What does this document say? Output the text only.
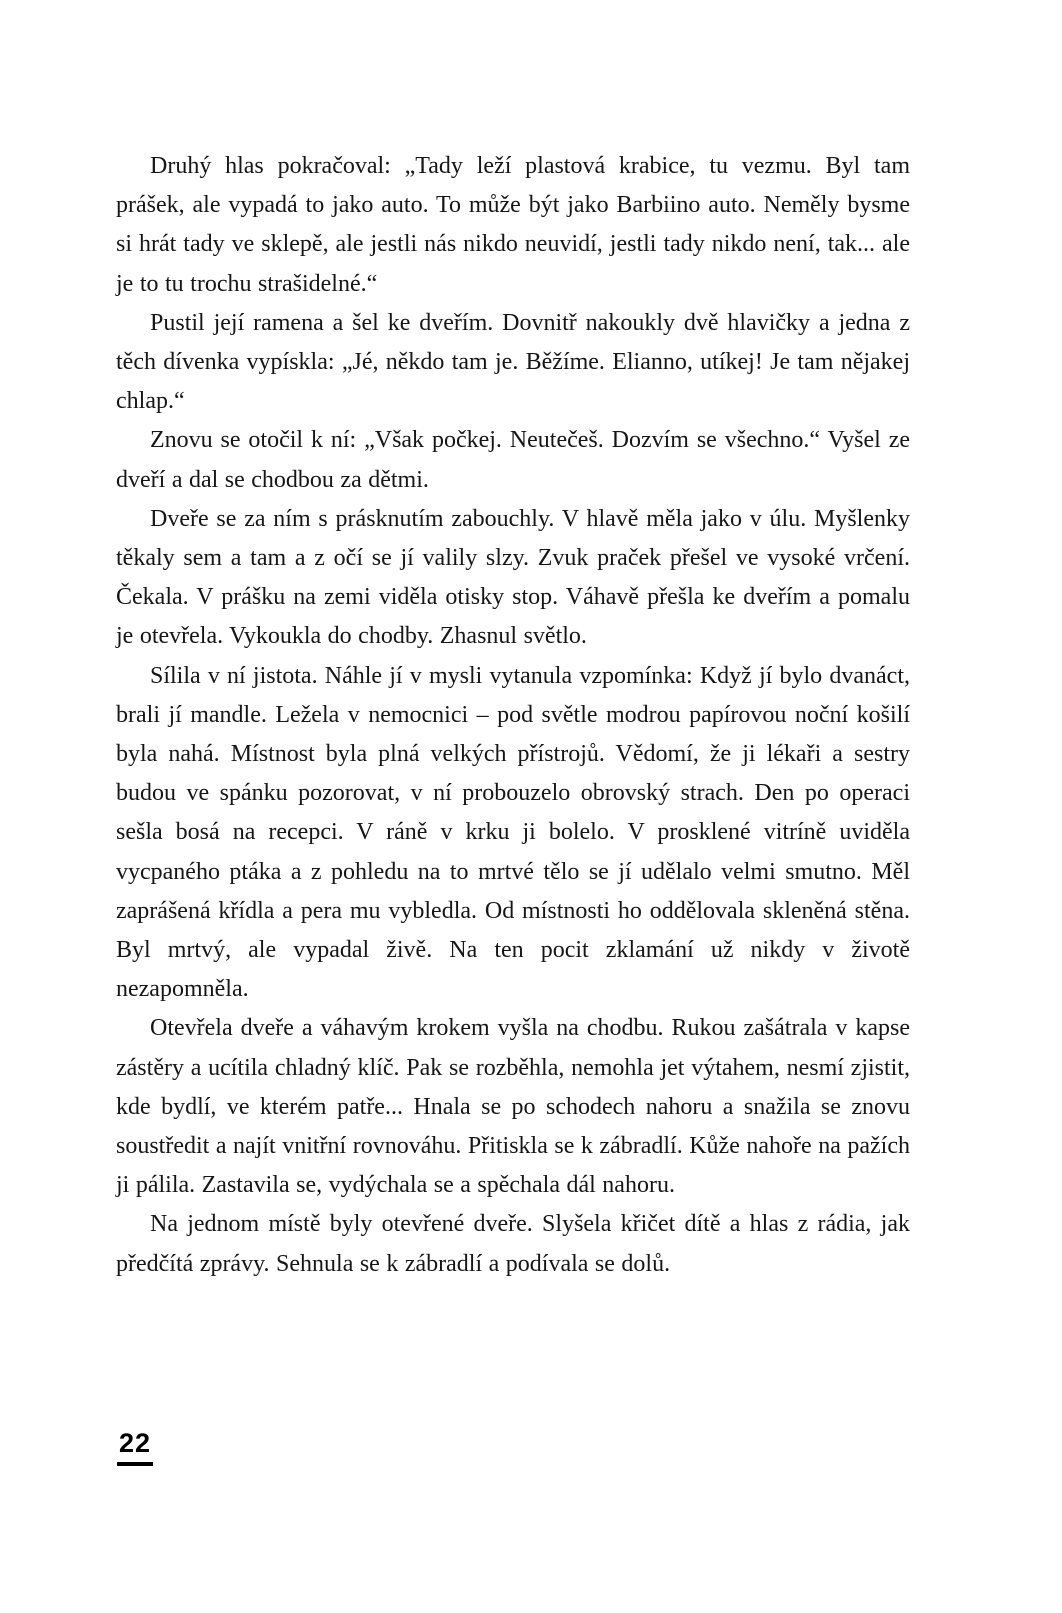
Druhý hlas pokračoval: „Tady leží plastová krabice, tu vezmu. Byl tam prášek, ale vypadá to jako auto. To může být jako Barbiino auto. Neměly bysme si hrát tady ve sklepě, ale jestli nás nikdo neuvidí, jestli tady nikdo není, tak... ale je to tu trochu strašidelné.“

Pustil její ramena a šel ke dveřím. Dovnitř nakoukly dvě hlavičky a jedna z těch dívenka vypískla: „Jé, někdo tam je. Běžíme. Elianno, utíkej! Je tam nějakej chlap.“

Znovu se otočil k ní: „Však počkej. Neutečeš. Dozvím se všechno.“ Vyšel ze dveří a dal se chodbou za dětmi.

Dveře se za ním s prásknutím zabouchly. V hlavě měla jako v úlu. Myšlenky těkaly sem a tam a z očí se jí valily slzy. Zvuk praček přešel ve vysoké vrčení. Čekala. V prášku na zemi viděla otisky stop. Váhavě přešla ke dveřím a pomalu je otevřela. Vykoukla do chodby. Zhasnul světlo.

Sílila v ní jistota. Náhle jí v mysli vytanula vzpomínka: Když jí bylo dvanáct, brali jí mandle. Ležela v nemocnici – pod světle modrou papírovou noční košilí byla nahá. Místnost byla plná velkých přístrojů. Vědomí, že ji lékaři a sestry budou ve spánku pozorovat, v ní probouzelo obrovský strach. Den po operaci sešla bosá na recepci. V ráně v krku ji bolelo. V prosklené vitríně uviděla vycpaného ptáka a z pohledu na to mrtvé tělo se jí udělalo velmi smutno. Měl zaprášená křídla a pera mu vybledla. Od místnosti ho oddělovala skleněná stěna. Byl mrtvý, ale vypadal živě. Na ten pocit zklamání už nikdy v životě nezapomněla.

Otevřela dveře a váhavým krokem vyšla na chodbu. Rukou zašátrala v kapse zástěry a ucítila chladný klíč. Pak se rozběhla, nemohla jet výtahem, nesmí zjistit, kde bydlí, ve kterém patře... Hnala se po schodech nahoru a snažila se znovu soustředit a najít vnitřní rovnováhu. Přitiskla se k zábradlí. Kůže nahoře na pažích ji pálila. Zastavila se, vydýchala se a spěchala dál nahoru.

Na jednom místě byly otevřené dveře. Slyšela křičet dítě a hlas z rádia, jak předčítá zprávy. Sehnula se k zábradlí a podívala se dolů.

22
